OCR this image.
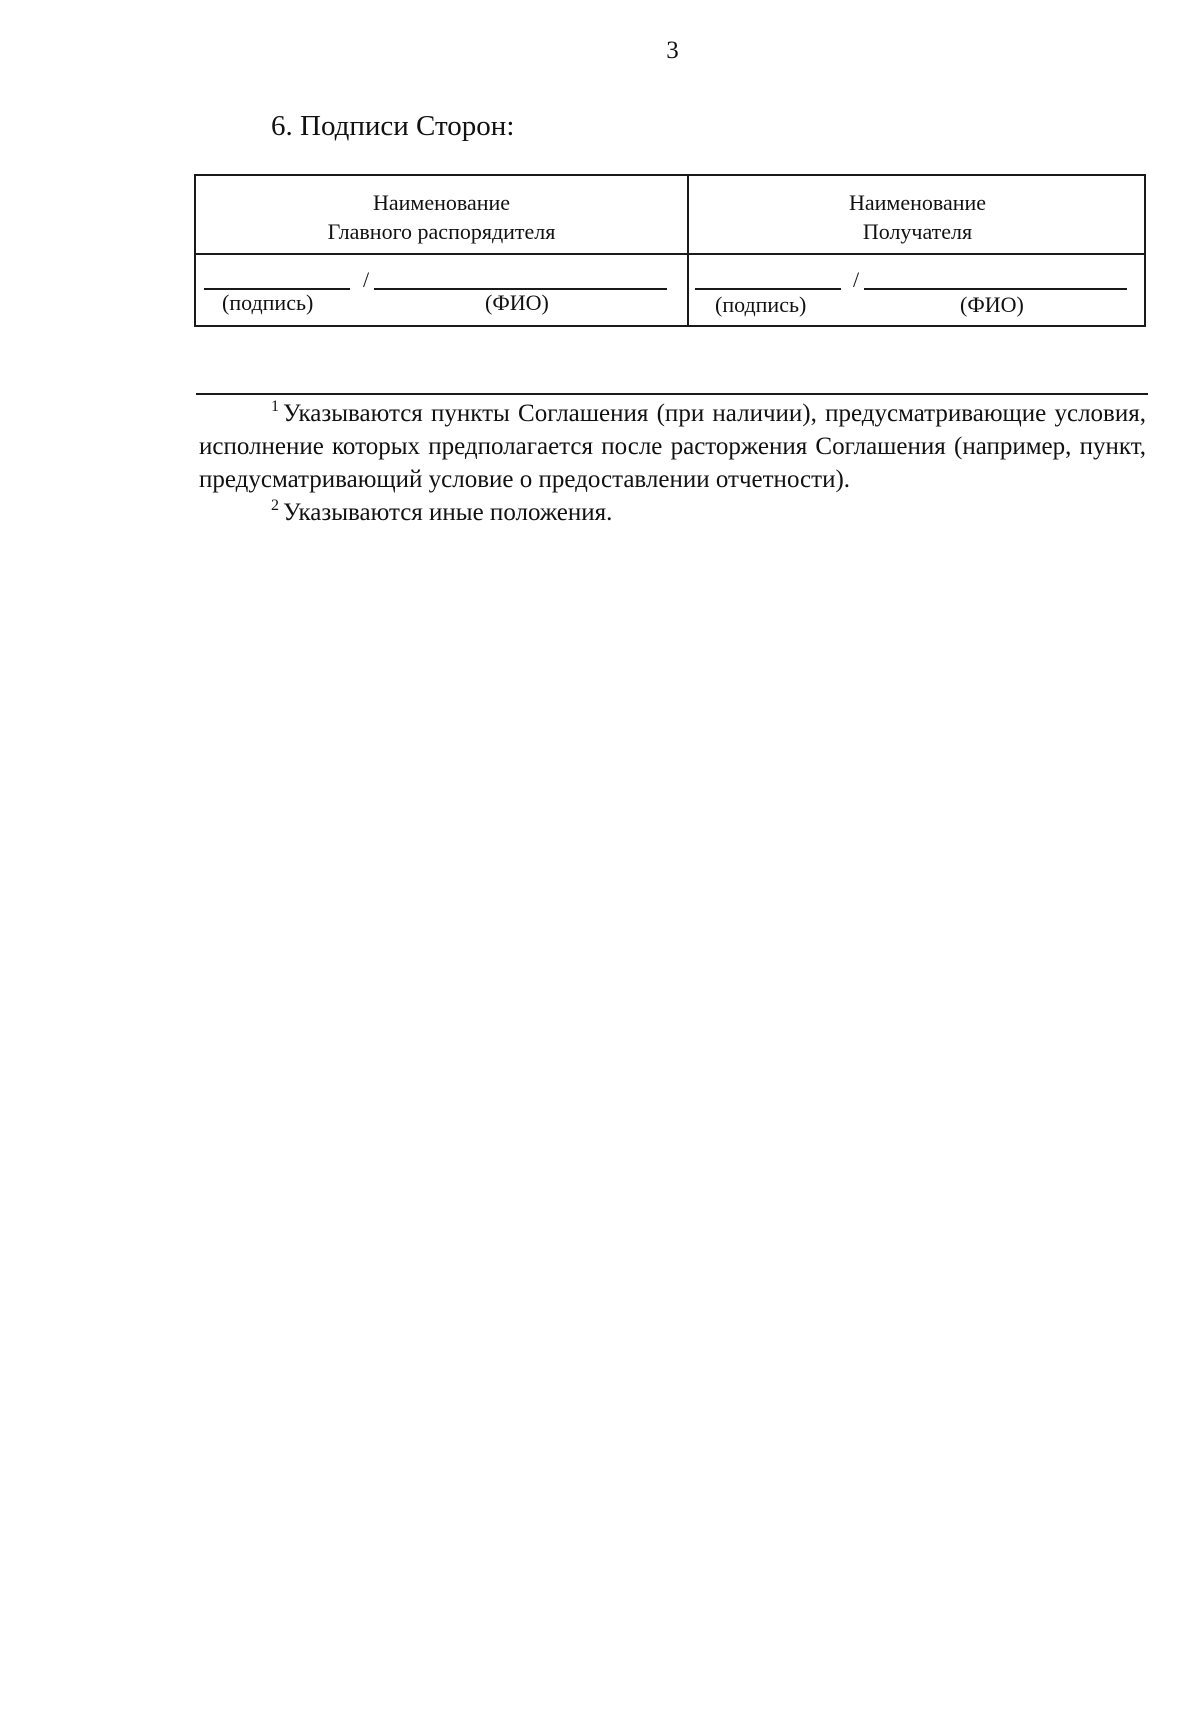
3
6. Подписи Сторон:
Наименование
Главного распорядителя
Наименование
Получателя
/
(подпись)	(ФИО)
/
(подпись)	(ФИО)

$^1$ Указываются пункты Соглашения (при наличии), предусматривающие условия, исполнение которых предполагается после расторжения Соглашения (например, пункт, предусматривающий условие о предоставлении отчетности).

$^2$ Указываются иные положения.
